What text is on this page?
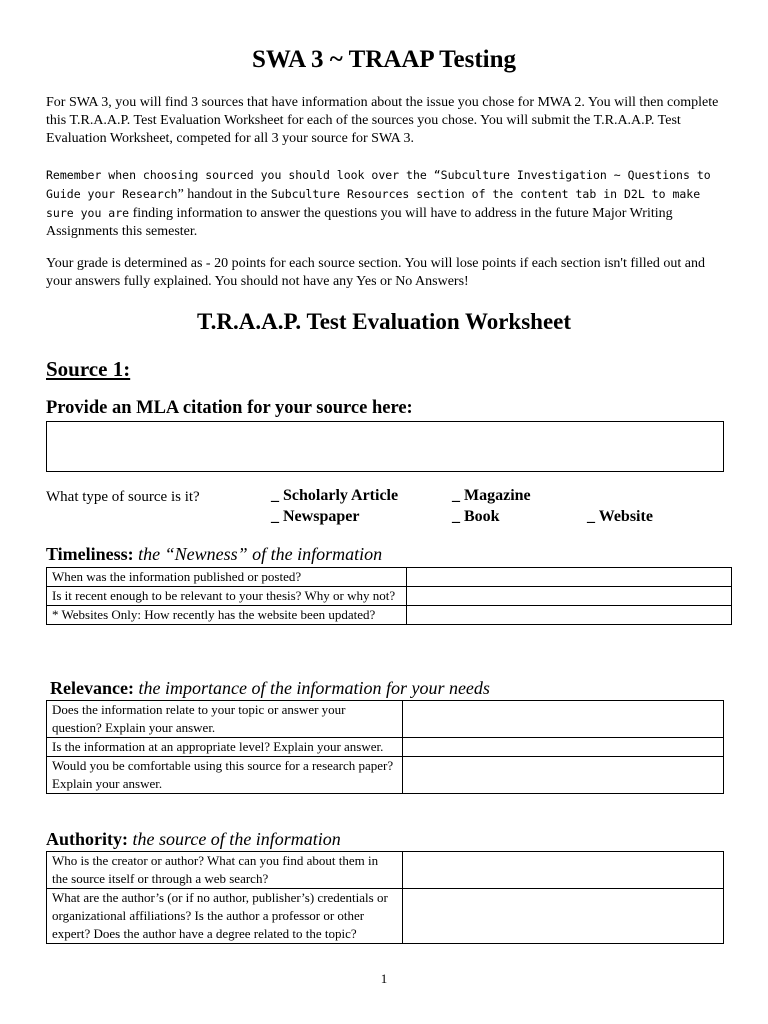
SWA 3 ~ TRAAP Testing

For SWA 3, you will find 3 sources that have information about the issue you chose for MWA 2. You will then complete this T.R.A.A.P. Test Evaluation Worksheet for each of the sources you chose. You will submit the T.R.A.A.P. Test Evaluation Worksheet, competed for all 3 your source for SWA 3.

Remember when choosing sourced you should look over the “Subculture Investigation ~ Questions to Guide your Research” handout in the Subculture Resources section of the content tab in D2L to make sure you are finding information to answer the questions you will have to address in the future Major Writing Assignments this semester.

Your grade is determined as - 20 points for each source section. You will lose points if each section isn't filled out and your answers fully explained. You should not have any Yes or No Answers!

T.R.A.A.P. Test Evaluation Worksheet
Source 1:
Provide an MLA citation for your source here:
What type of source is it?	_ Scholarly Article	_ Magazine
_ Newspaper	_ Book	_ Website
Timeliness: the “Newness” of the information
When was the information published or posted?	
Is it recent enough to be relevant to your thesis? Why or why not?	
* Websites Only: How recently has the website been updated?	
Relevance: the importance of the information for your needs
Does the information relate to your topic or answer your question? Explain your answer.	
Is the information at an appropriate level? Explain your answer.	
Would you be comfortable using this source for a research paper? Explain your answer.	
Authority: the source of the information
Who is the creator or author? What can you find about them in the source itself or through a web search?	
What are the author’s (or if no author, publisher’s) credentials or organizational affiliations? Is the author a professor or other expert? Does the author have a degree related to the topic?	
1
